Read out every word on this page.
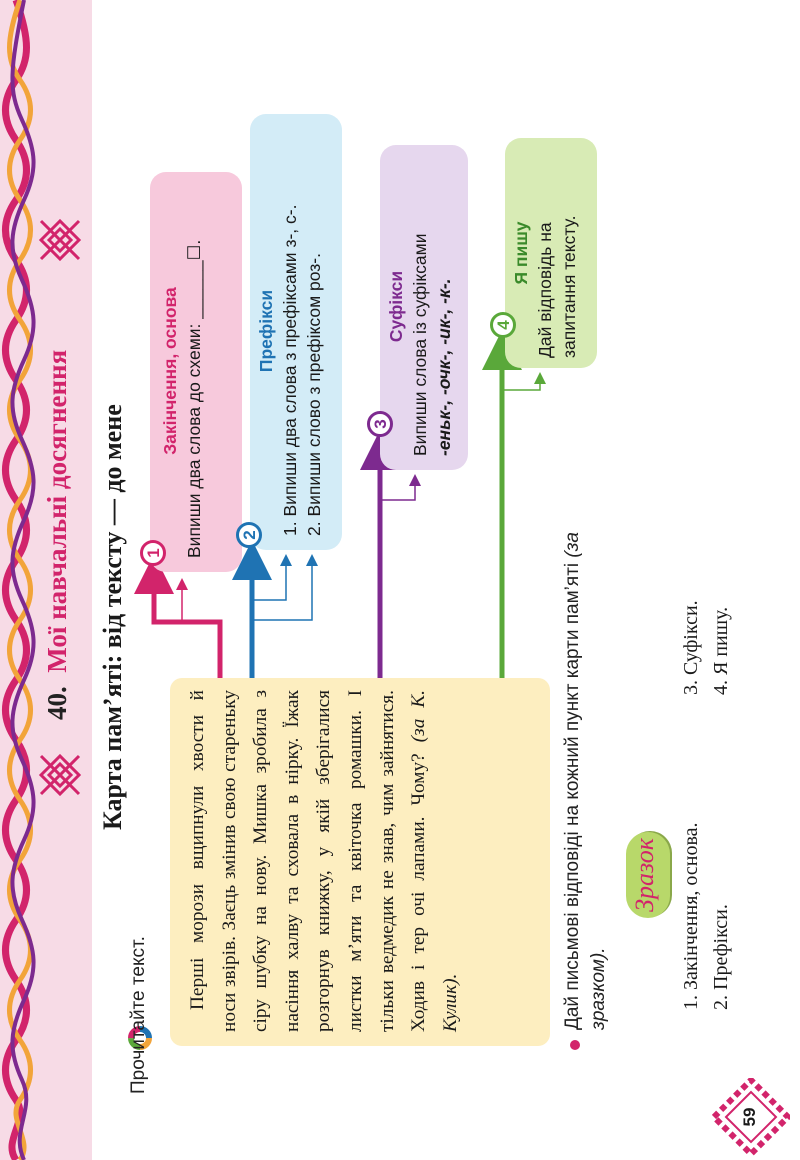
40.  Мої навчальні досягнення Карта пам’яті: від тексту — до мене
Прочитайте текст.

Перші морози вщипнули хвости й носи звірів. Заєць змінив свою стареньку сіру шубку на нову. Мишка зробила з насіння халву та сховала в нірку. Їжак розгорнув книжку, у якій зберігалися листки м’яти та квіточка ромашки. І тільки ведмедик не знав, чим зайнятися. Ходив і тер очі лапами. Чому? (за К. Кулик).

Закінчення, основа Випиши два слова до схеми: ______☐.
1
Префікси 1. Випиши два слова з префіксами з-, с-. 2. Випиши слово з префіксом роз-.
2
Суфікси Випиши слова із суфіксами -еньк-, -очк-, -ик-, -к-.
3
Я пишу Дай відповідь на запитання тексту.
4
Дай письмові відповіді на кожний пункт карти пам’яті (за зразком).
Зразок 1. Закінчення, основа. 2. Префікси.
3. Суфікси. 4. Я пишу.
59
